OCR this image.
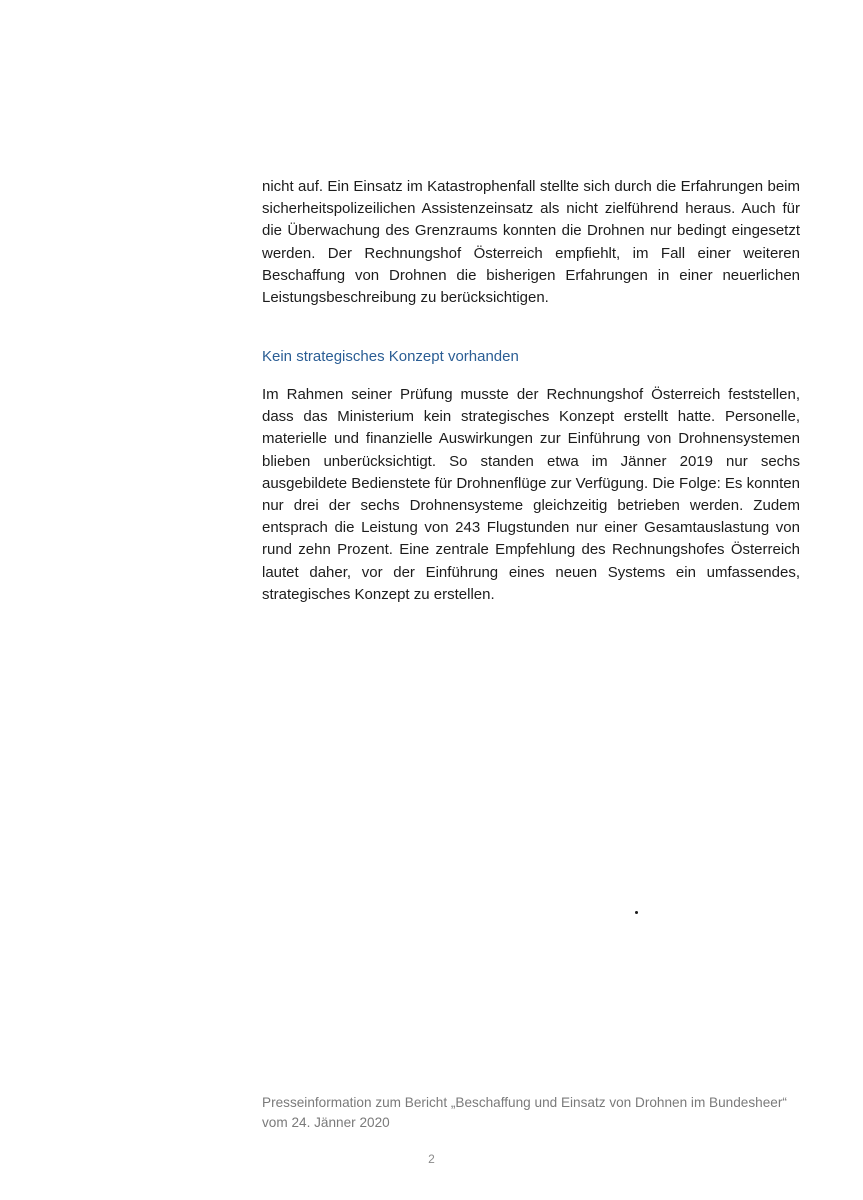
nicht auf. Ein Einsatz im Katastrophenfall stellte sich durch die Erfahrungen beim sicherheitspolizeilichen Assistenzeinsatz als nicht zielführend heraus. Auch für die Überwachung des Grenzraums konnten die Drohnen nur bedingt eingesetzt werden. Der Rechnungshof Österreich empfiehlt, im Fall einer weiteren Beschaffung von Drohnen die bisherigen Erfahrungen in einer neuerlichen Leistungsbeschreibung zu berücksichtigen.

Kein strategisches Konzept vorhanden

Im Rahmen seiner Prüfung musste der Rechnungshof Österreich feststellen, dass das Ministerium kein strategisches Konzept erstellt hatte. Personelle, materielle und finanzielle Auswirkungen zur Einführung von Drohnensystemen blieben unberücksichtigt. So standen etwa im Jänner 2019 nur sechs ausgebildete Bedienstete für Drohnenflüge zur Verfügung. Die Folge: Es konnten nur drei der sechs Drohnensysteme gleichzeitig betrieben werden. Zudem entsprach die Leistung von 243 Flugstunden nur einer Gesamtauslastung von rund zehn Prozent. Eine zentrale Empfehlung des Rechnungshofes Österreich lautet daher, vor der Einführung eines neuen Systems ein umfassendes, strategisches Konzept zu erstellen.

Presseinformation zum Bericht „Beschaffung und Einsatz von Drohnen im Bundesheer“
vom 24. Jänner 2020

2
